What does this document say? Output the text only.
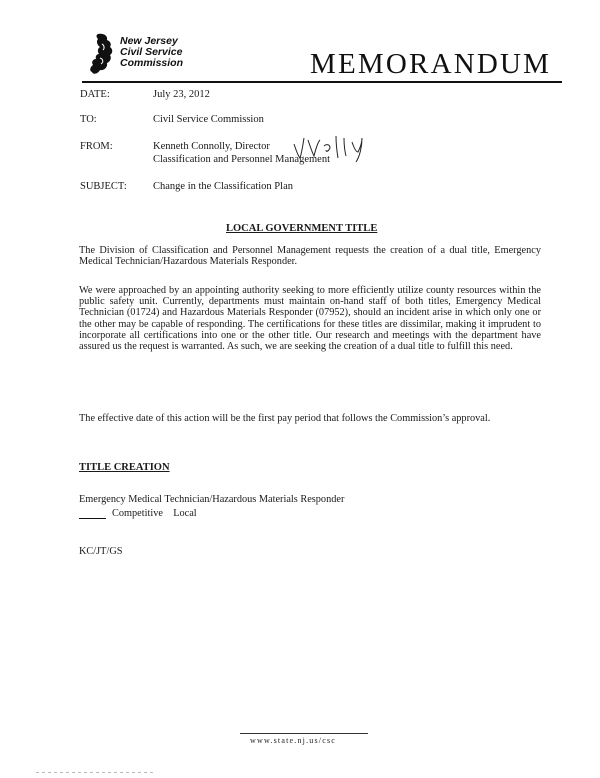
New Jersey
Civil Service
Commission	MEMORANDUM
DATE:	July 23, 2012
TO:	Civil Service Commission
FROM:	Kenneth Connolly, Director
Classification and Personnel Management
SUBJECT:	Change in the Classification Plan
LOCAL GOVERNMENT TITLE
The Division of Classification and Personnel Management requests the creation of a dual title, Emergency Medical Technician/Hazardous Materials Responder.
We were approached by an appointing authority seeking to more efficiently utilize county resources within the public safety unit. Currently, departments must maintain on-hand staff of both titles, Emergency Medical Technician (01724) and Hazardous Materials Responder (07952), should an incident arise in which only one or the other may be capable of responding. The certifications for these titles are dissimilar, making it imprudent to incorporate all certifications into one or the other title. Our research and meetings with the department have assured us the request is warranted. As such, we are seeking the creation of a dual title to fulfill this need.
The effective date of this action will be the first pay period that follows the Commission’s approval.
TITLE CREATION
Emergency Medical Technician/Hazardous Materials Responder
Competitive    Local
KC/JT/GS
www.state.nj.us/csc
